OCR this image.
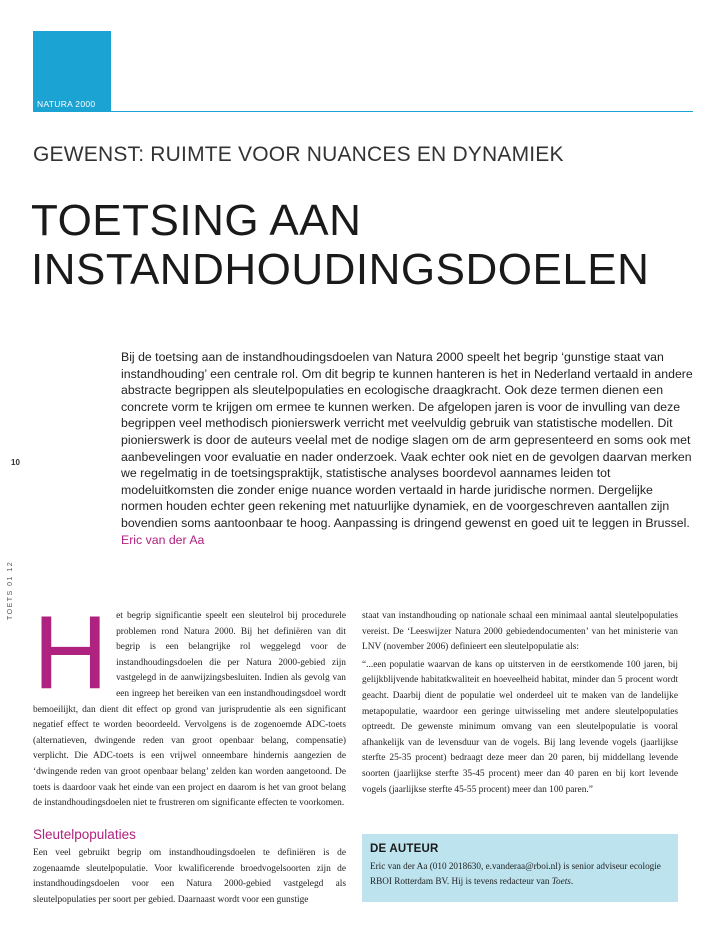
NATURA 2000
GEWENST: RUIMTE VOOR NUANCES EN DYNAMIEK
TOETSING AAN
INSTANDHOUDINGSDOELEN
Bij de toetsing aan de instandhoudingsdoelen van Natura 2000 speelt het begrip ‘gunstige staat van instandhouding’ een centrale rol. Om dit begrip te kunnen hanteren is het in Nederland vertaald in andere abstracte begrippen als sleutelpopulaties en ecologische draagkracht. Ook deze termen dienen een concrete vorm te krijgen om ermee te kunnen werken. De afgelopen jaren is voor de invulling van deze begrippen veel methodisch pionierswerk verricht met veelvuldig gebruik van statistische modellen. Dit pionierswerk is door de auteurs veelal met de nodige slagen om de arm gepresenteerd en soms ook met aanbevelingen voor evaluatie en nader onderzoek. Vaak echter ook niet en de gevolgen daarvan merken we regelmatig in de toetsingspraktijk, statistische analyses boordevol aannames leiden tot modeluitkomsten die zonder enige nuance worden vertaald in harde juridische normen. Dergelijke normen houden echter geen rekening met natuurlijke dynamiek, en de voorgeschreven aantallen zijn bovendien soms aantoonbaar te hoog. Aanpassing is dringend gewenst en goed uit te leggen in Brussel.
Eric van der Aa
10
TOETS 01 12
H et begrip significantie speelt een sleutelrol bij procedurele problemen rond Natura 2000. Bij het definiëren van dit begrip is een belangrijke rol weggelegd voor de instandhoudingsdoelen die per Natura 2000-gebied zijn vastgelegd in de aanwijzingsbesluiten. Indien als gevolg van een ingreep het bereiken van een instandhoudingsdoel wordt bemoeilijkt, dan dient dit effect op grond van jurisprudentie als een significant negatief effect te worden beoordeeld. Vervolgens is de zogenoemde ADC-toets (alternatieven, dwingende reden van groot openbaar belang, compensatie) verplicht. Die ADC-toets is een vrijwel onneembare hindernis aangezien de ‘dwingende reden van groot openbaar belang’ zelden kan worden aangetoond. De toets is daardoor vaak het einde van een project en daarom is het van groot belang de instandhoudingsdoelen niet te frustreren om significante effecten te voorkomen.

staat van instandhouding op nationale schaal een minimaal aantal sleutelpopulaties vereist. De ‘Leeswijzer Natura 2000 gebiedendocumenten’ van het ministerie van LNV (november 2006) definieert een sleutelpopulatie als:

“...een populatie waarvan de kans op uitsterven in de eerstkomende 100 jaren, bij gelijkblijvende habitatkwaliteit en hoeveelheid habitat, minder dan 5 procent wordt geacht. Daarbij dient de populatie wel onderdeel uit te maken van de landelijke metapopulatie, waardoor een geringe uitwisseling met andere sleutelpopulaties optreedt. De gewenste minimum omvang van een sleutelpopulatie is vooral afhankelijk van de levensduur van de vogels. Bij lang levende vogels (jaarlijkse sterfte 25-35 procent) bedraagt deze meer dan 20 paren, bij middellang levende soorten (jaarlijkse sterfte 35-45 procent) meer dan 40 paren en bij kort levende vogels (jaarlijkse sterfte 45-55 procent) meer dan 100 paren.”

Sleutelpopulaties

Een veel gebruikt begrip om instandhoudingsdoelen te definiëren is de zogenaamde sleutelpopulatie. Voor kwalificerende broedvogelsoorten zijn de instandhoudingsdoelen voor een Natura 2000-gebied vastgelegd als sleutelpopulaties per soort per gebied. Daarnaast wordt voor een gunstige

DE AUTEUR
Eric van der Aa (010 2018630, e.vanderaa@rboi.nl) is senior adviseur ecologie RBOI Rotterdam BV. Hij is tevens redacteur van Toets.
